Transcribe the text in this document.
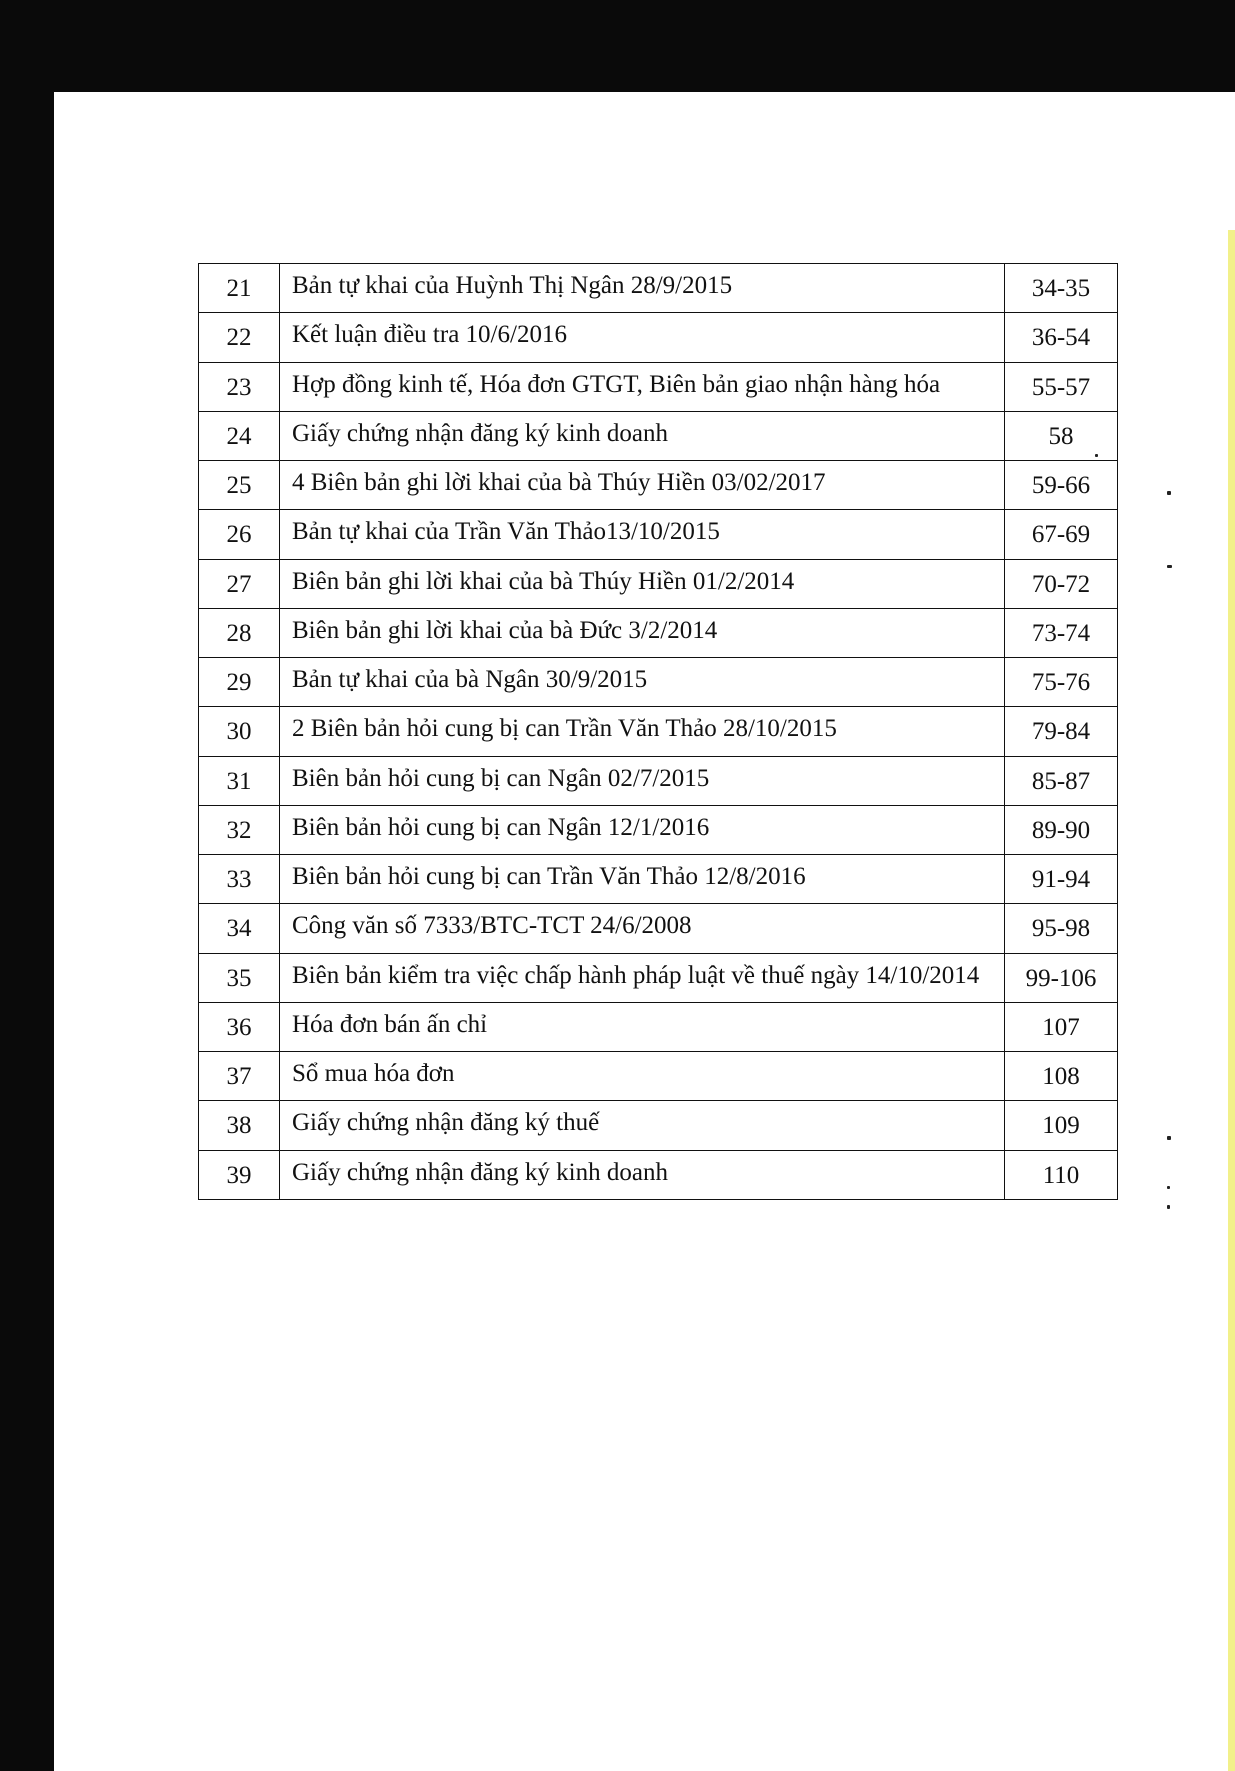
21	Bản tự khai của Huỳnh Thị Ngân 28/9/2015	34-35
22	Kết luận điều tra 10/6/2016	36-54
23	Hợp đồng kinh tế, Hóa đơn GTGT, Biên bản giao nhận hàng hóa	55-57
24	Giấy chứng nhận đăng ký kinh doanh	58
25	4 Biên bản ghi lời khai của bà Thúy Hiền 03/02/2017	59-66
26	Bản tự khai của Trần Văn Thảo13/10/2015	67-69
27	Biên bản ghi lời khai của bà Thúy Hiền 01/2/2014	70-72
28	Biên bản ghi lời khai của bà Đức 3/2/2014	73-74
29	Bản tự khai của bà Ngân 30/9/2015	75-76
30	2 Biên bản hỏi cung bị can Trần Văn Thảo 28/10/2015	79-84
31	Biên bản hỏi cung bị can Ngân 02/7/2015	85-87
32	Biên bản hỏi cung bị can Ngân 12/1/2016	89-90
33	Biên bản hỏi cung bị can Trần Văn Thảo 12/8/2016	91-94
34	Công văn số 7333/BTC-TCT 24/6/2008	95-98
35	Biên bản kiểm tra việc chấp hành pháp luật về thuế ngày 14/10/2014	99-106
36	Hóa đơn bán ấn chỉ	107
37	Sổ mua hóa đơn	108
38	Giấy chứng nhận đăng ký thuế	109
39	Giấy chứng nhận đăng ký kinh doanh	110
